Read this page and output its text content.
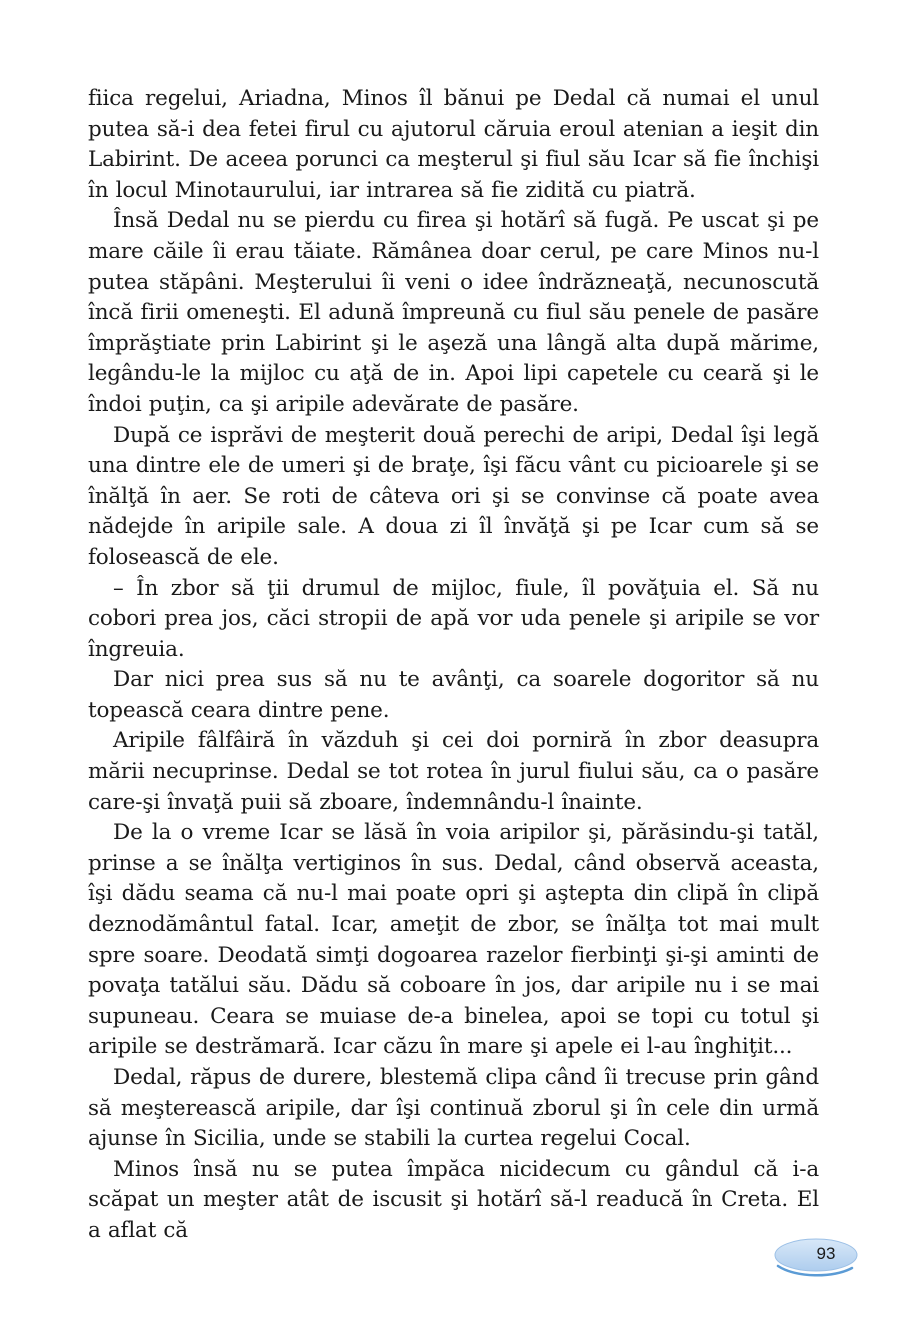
fiica regelui, Ariadna, Minos îl bănui pe Dedal că numai el unul putea să-i dea fetei firul cu ajutorul căruia eroul atenian a ieşit din Labirint. De aceea porunci ca meşterul şi fiul său Icar să fie închişi în locul Minotaurului, iar intrarea să fie zidită cu piatră.

Însă Dedal nu se pierdu cu firea şi hotărî să fugă. Pe uscat şi pe mare căile îi erau tăiate. Rămânea doar cerul, pe care Minos nu-l putea stăpâni. Meşterului îi veni o idee îndrăzneaţă, necunoscută încă firii omeneşti. El adună împreună cu fiul său penele de pasăre împrăştiate prin Labirint şi le aşeză una lângă alta după mărime, legându-le la mijloc cu aţă de in. Apoi lipi capetele cu ceară şi le îndoi puţin, ca şi aripile adevărate de pasăre.

După ce isprăvi de meşterit două perechi de aripi, Dedal îşi legă una dintre ele de umeri şi de braţe, îşi făcu vânt cu picioarele şi se înălţă în aer. Se roti de câteva ori şi se convinse că poate avea nădejde în aripile sale. A doua zi îl învăţă şi pe Icar cum să se folosească de ele.

– În zbor să ţii drumul de mijloc, fiule, îl povăţuia el. Să nu cobori prea jos, căci stropii de apă vor uda penele şi aripile se vor îngreuia.

Dar nici prea sus să nu te avânţi, ca soarele dogoritor să nu topească ceara dintre pene.

Aripile fâlfâiră în văzduh şi cei doi porniră în zbor deasupra mării necuprinse. Dedal se tot rotea în jurul fiului său, ca o pasăre care-şi învaţă puii să zboare, îndemnându-l înainte.

De la o vreme Icar se lăsă în voia aripilor şi, părăsindu-şi tatăl, prinse a se înălţa vertiginos în sus. Dedal, când observă aceasta, îşi dădu seama că nu-l mai poate opri şi aştepta din clipă în clipă deznodământul fatal. Icar, ameţit de zbor, se înălţa tot mai mult spre soare. Deodată simţi dogoarea razelor fierbinţi şi-şi aminti de povaţa tatălui său. Dădu să coboare în jos, dar aripile nu i se mai supuneau. Ceara se muiase de-a binelea, apoi se topi cu totul şi aripile se destrămară. Icar căzu în mare şi apele ei l-au înghiţit...

Dedal, răpus de durere, blestemă clipa când îi trecuse prin gând să meşterească aripile, dar îşi continuă zborul şi în cele din urmă ajunse în Sicilia, unde se stabili la curtea regelui Cocal.

Minos însă nu se putea împăca nicidecum cu gândul că i-a scăpat un meşter atât de iscusit şi hotărî să-l readucă în Creta. El a aflat că

93
